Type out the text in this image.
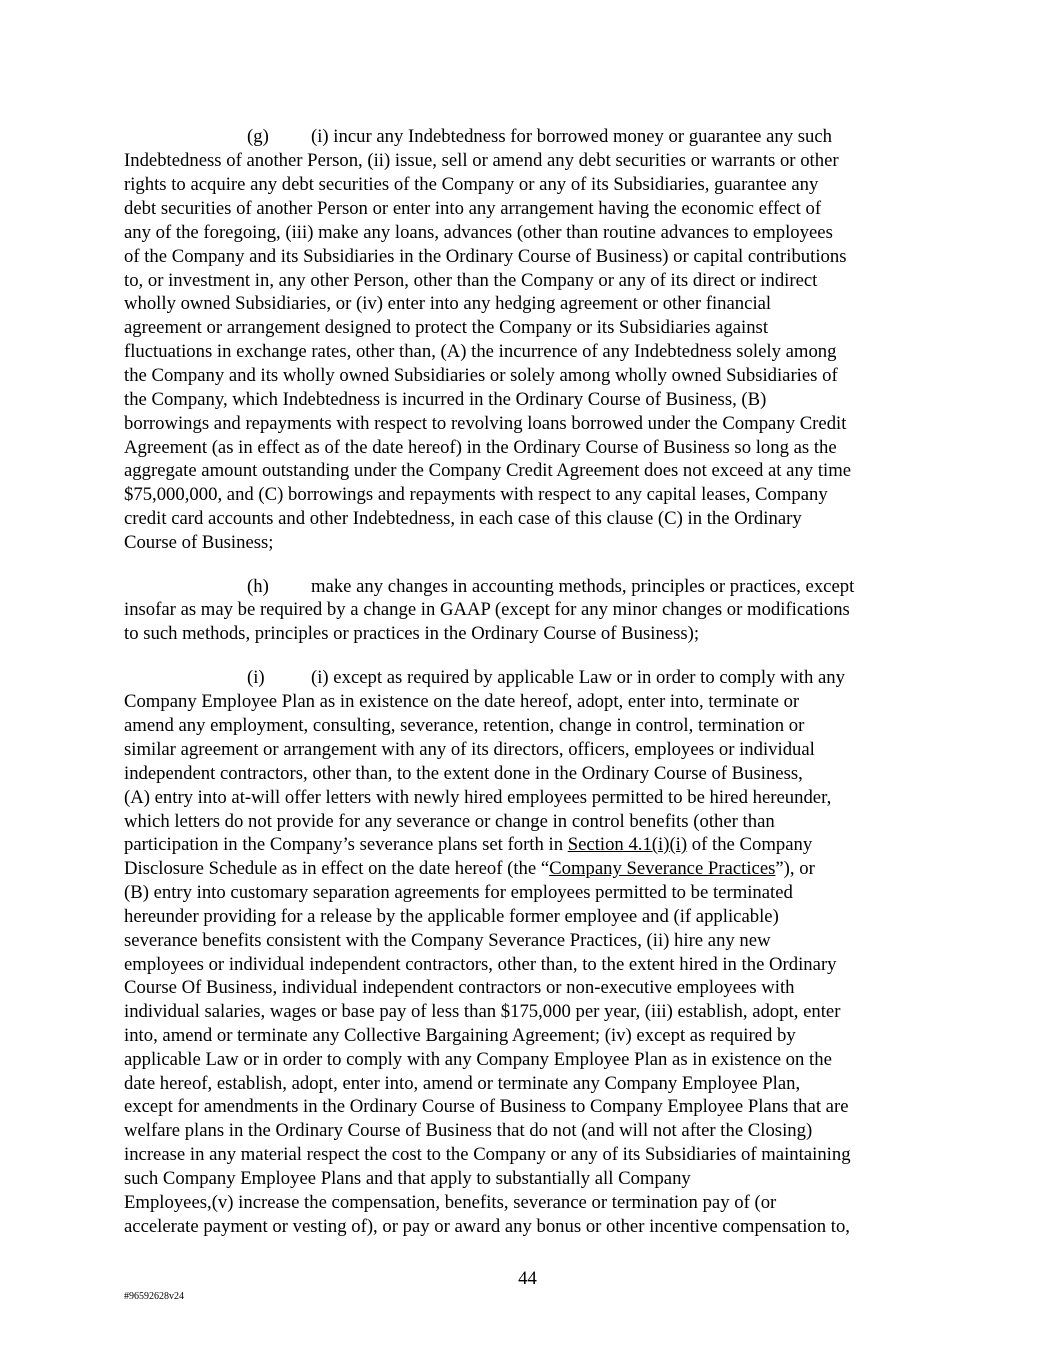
(g) (i) incur any Indebtedness for borrowed money or guarantee any such
Indebtedness of another Person, (ii) issue, sell or amend any debt securities or warrants or other
rights to acquire any debt securities of the Company or any of its Subsidiaries, guarantee any
debt securities of another Person or enter into any arrangement having the economic effect of
any of the foregoing, (iii) make any loans, advances (other than routine advances to employees
of the Company and its Subsidiaries in the Ordinary Course of Business) or capital contributions
to, or investment in, any other Person, other than the Company or any of its direct or indirect
wholly owned Subsidiaries, or (iv) enter into any hedging agreement or other financial
agreement or arrangement designed to protect the Company or its Subsidiaries against
fluctuations in exchange rates, other than, (A) the incurrence of any Indebtedness solely among
the Company and its wholly owned Subsidiaries or solely among wholly owned Subsidiaries of
the Company, which Indebtedness is incurred in the Ordinary Course of Business, (B)
borrowings and repayments with respect to revolving loans borrowed under the Company Credit
Agreement (as in effect as of the date hereof) in the Ordinary Course of Business so long as the
aggregate amount outstanding under the Company Credit Agreement does not exceed at any time
$75,000,000, and (C) borrowings and repayments with respect to any capital leases, Company
credit card accounts and other Indebtedness, in each case of this clause (C) in the Ordinary
Course of Business;
(h) make any changes in accounting methods, principles or practices, except
insofar as may be required by a change in GAAP (except for any minor changes or modifications
to such methods, principles or practices in the Ordinary Course of Business);
(i) (i) except as required by applicable Law or in order to comply with any
Company Employee Plan as in existence on the date hereof, adopt, enter into, terminate or
amend any employment, consulting, severance, retention, change in control, termination or
similar agreement or arrangement with any of its directors, officers, employees or individual
independent contractors, other than, to the extent done in the Ordinary Course of Business,
(A) entry into at-will offer letters with newly hired employees permitted to be hired hereunder,
which letters do not provide for any severance or change in control benefits (other than
participation in the Company’s severance plans set forth in Section 4.1(i)(i) of the Company
Disclosure Schedule as in effect on the date hereof (the “Company Severance Practices”), or
(B) entry into customary separation agreements for employees permitted to be terminated
hereunder providing for a release by the applicable former employee and (if applicable)
severance benefits consistent with the Company Severance Practices, (ii) hire any new
employees or individual independent contractors, other than, to the extent hired in the Ordinary
Course Of Business, individual independent contractors or non-executive employees with
individual salaries, wages or base pay of less than $175,000 per year, (iii) establish, adopt, enter
into, amend or terminate any Collective Bargaining Agreement; (iv) except as required by
applicable Law or in order to comply with any Company Employee Plan as in existence on the
date hereof, establish, adopt, enter into, amend or terminate any Company Employee Plan,
except for amendments in the Ordinary Course of Business to Company Employee Plans that are
welfare plans in the Ordinary Course of Business that do not (and will not after the Closing)
increase in any material respect the cost to the Company or any of its Subsidiaries of maintaining
such Company Employee Plans and that apply to substantially all Company
Employees,(v) increase the compensation, benefits, severance or termination pay of (or
accelerate payment or vesting of), or pay or award any bonus or other incentive compensation to,
44
#96592628v24
